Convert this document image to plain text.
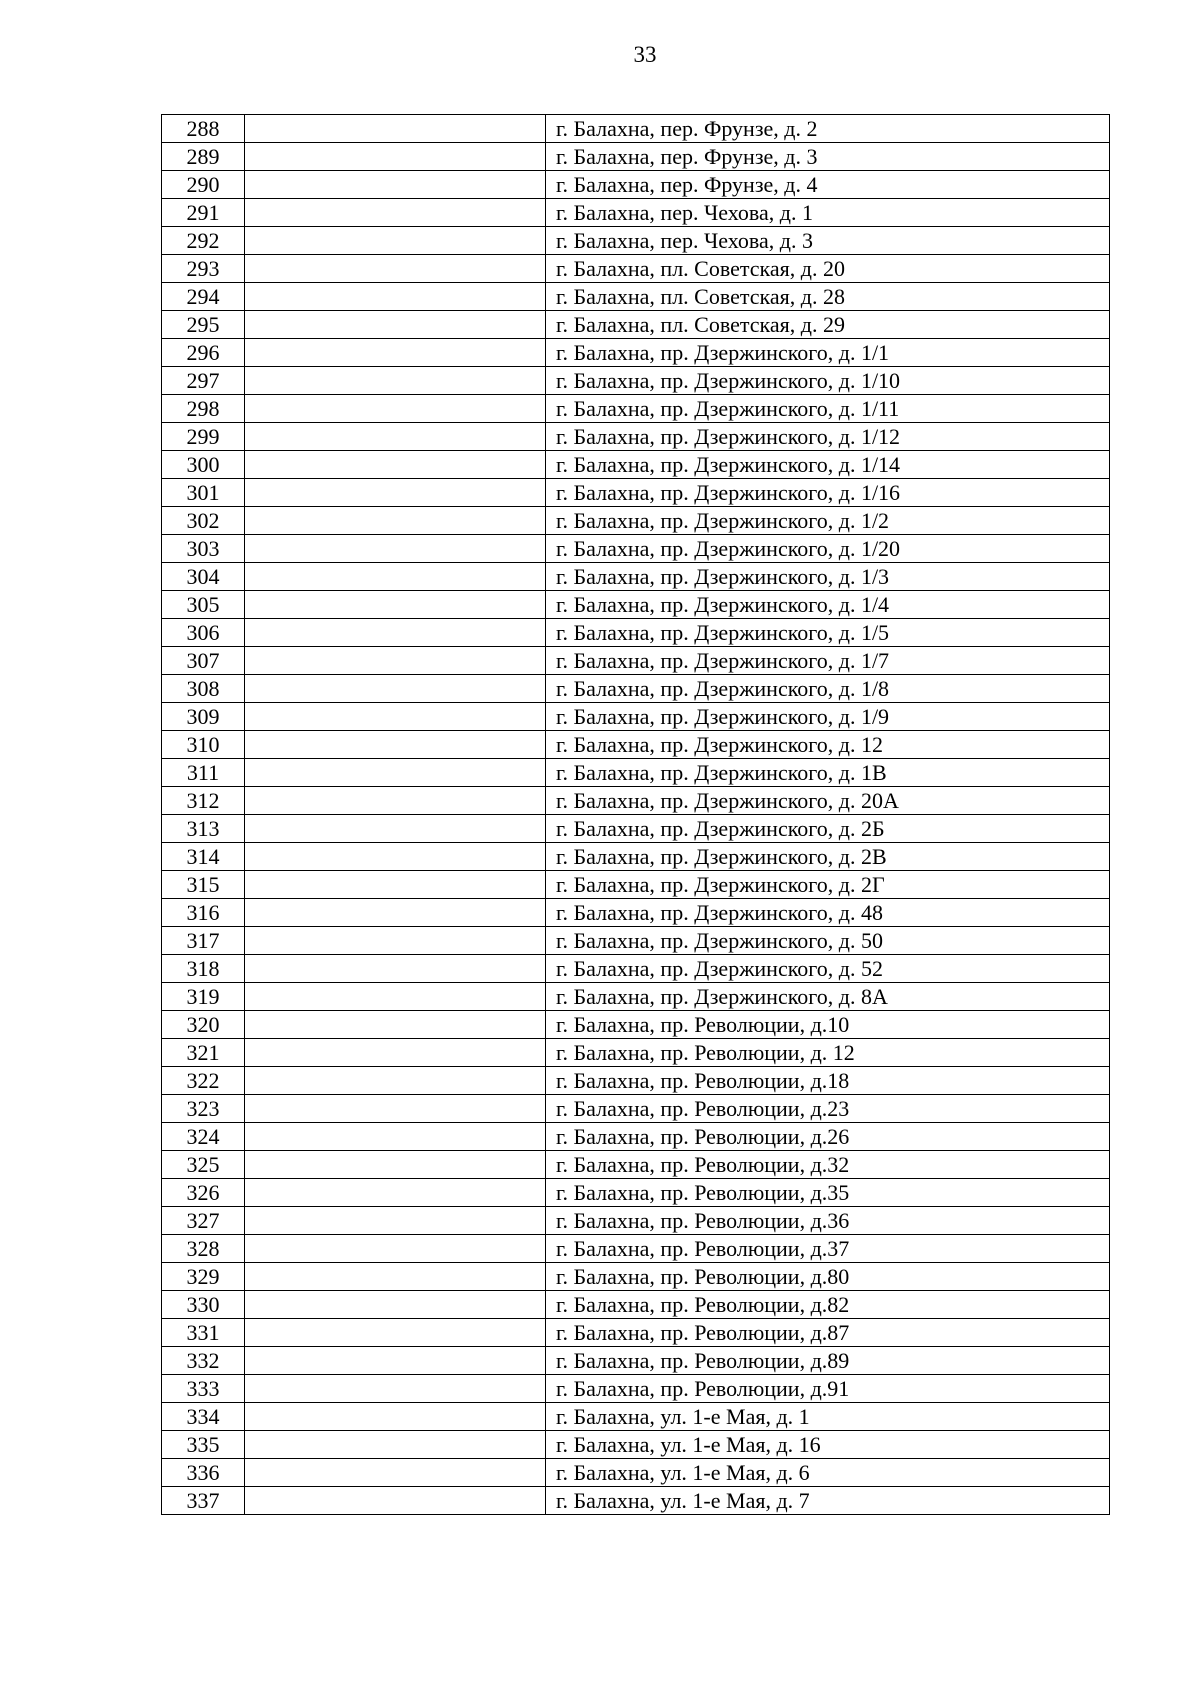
33
288		г. Балахна, пер. Фрунзе, д. 2
289		г. Балахна, пер. Фрунзе, д. 3
290		г. Балахна, пер. Фрунзе, д. 4
291		г. Балахна, пер. Чехова, д. 1
292		г. Балахна, пер. Чехова, д. 3
293		г. Балахна, пл. Советская, д. 20
294		г. Балахна, пл. Советская, д. 28
295		г. Балахна, пл. Советская, д. 29
296		г. Балахна, пр. Дзержинского, д. 1/1
297		г. Балахна, пр. Дзержинского, д. 1/10
298		г. Балахна, пр. Дзержинского, д. 1/11
299		г. Балахна, пр. Дзержинского, д. 1/12
300		г. Балахна, пр. Дзержинского, д. 1/14
301		г. Балахна, пр. Дзержинского, д. 1/16
302		г. Балахна, пр. Дзержинского, д. 1/2
303		г. Балахна, пр. Дзержинского, д. 1/20
304		г. Балахна, пр. Дзержинского, д. 1/3
305		г. Балахна, пр. Дзержинского, д. 1/4
306		г. Балахна, пр. Дзержинского, д. 1/5
307		г. Балахна, пр. Дзержинского, д. 1/7
308		г. Балахна, пр. Дзержинского, д. 1/8
309		г. Балахна, пр. Дзержинского, д. 1/9
310		г. Балахна, пр. Дзержинского, д. 12
311		г. Балахна, пр. Дзержинского, д. 1В
312		г. Балахна, пр. Дзержинского, д. 20А
313		г. Балахна, пр. Дзержинского, д. 2Б
314		г. Балахна, пр. Дзержинского, д. 2В
315		г. Балахна, пр. Дзержинского, д. 2Г
316		г. Балахна, пр. Дзержинского, д. 48
317		г. Балахна, пр. Дзержинского, д. 50
318		г. Балахна, пр. Дзержинского, д. 52
319		г. Балахна, пр. Дзержинского, д. 8А
320		г. Балахна, пр. Революции, д.10
321		г. Балахна, пр. Революции, д. 12
322		г. Балахна, пр. Революции, д.18
323		г. Балахна, пр. Революции, д.23
324		г. Балахна, пр. Революции, д.26
325		г. Балахна, пр. Революции, д.32
326		г. Балахна, пр. Революции, д.35
327		г. Балахна, пр. Революции, д.36
328		г. Балахна, пр. Революции, д.37
329		г. Балахна, пр. Революции, д.80
330		г. Балахна, пр. Революции, д.82
331		г. Балахна, пр. Революции, д.87
332		г. Балахна, пр. Революции, д.89
333		г. Балахна, пр. Революции, д.91
334		г. Балахна, ул. 1-е Мая, д. 1
335		г. Балахна, ул. 1-е Мая, д. 16
336		г. Балахна, ул. 1-е Мая, д. 6
337		г. Балахна, ул. 1-е Мая, д. 7
